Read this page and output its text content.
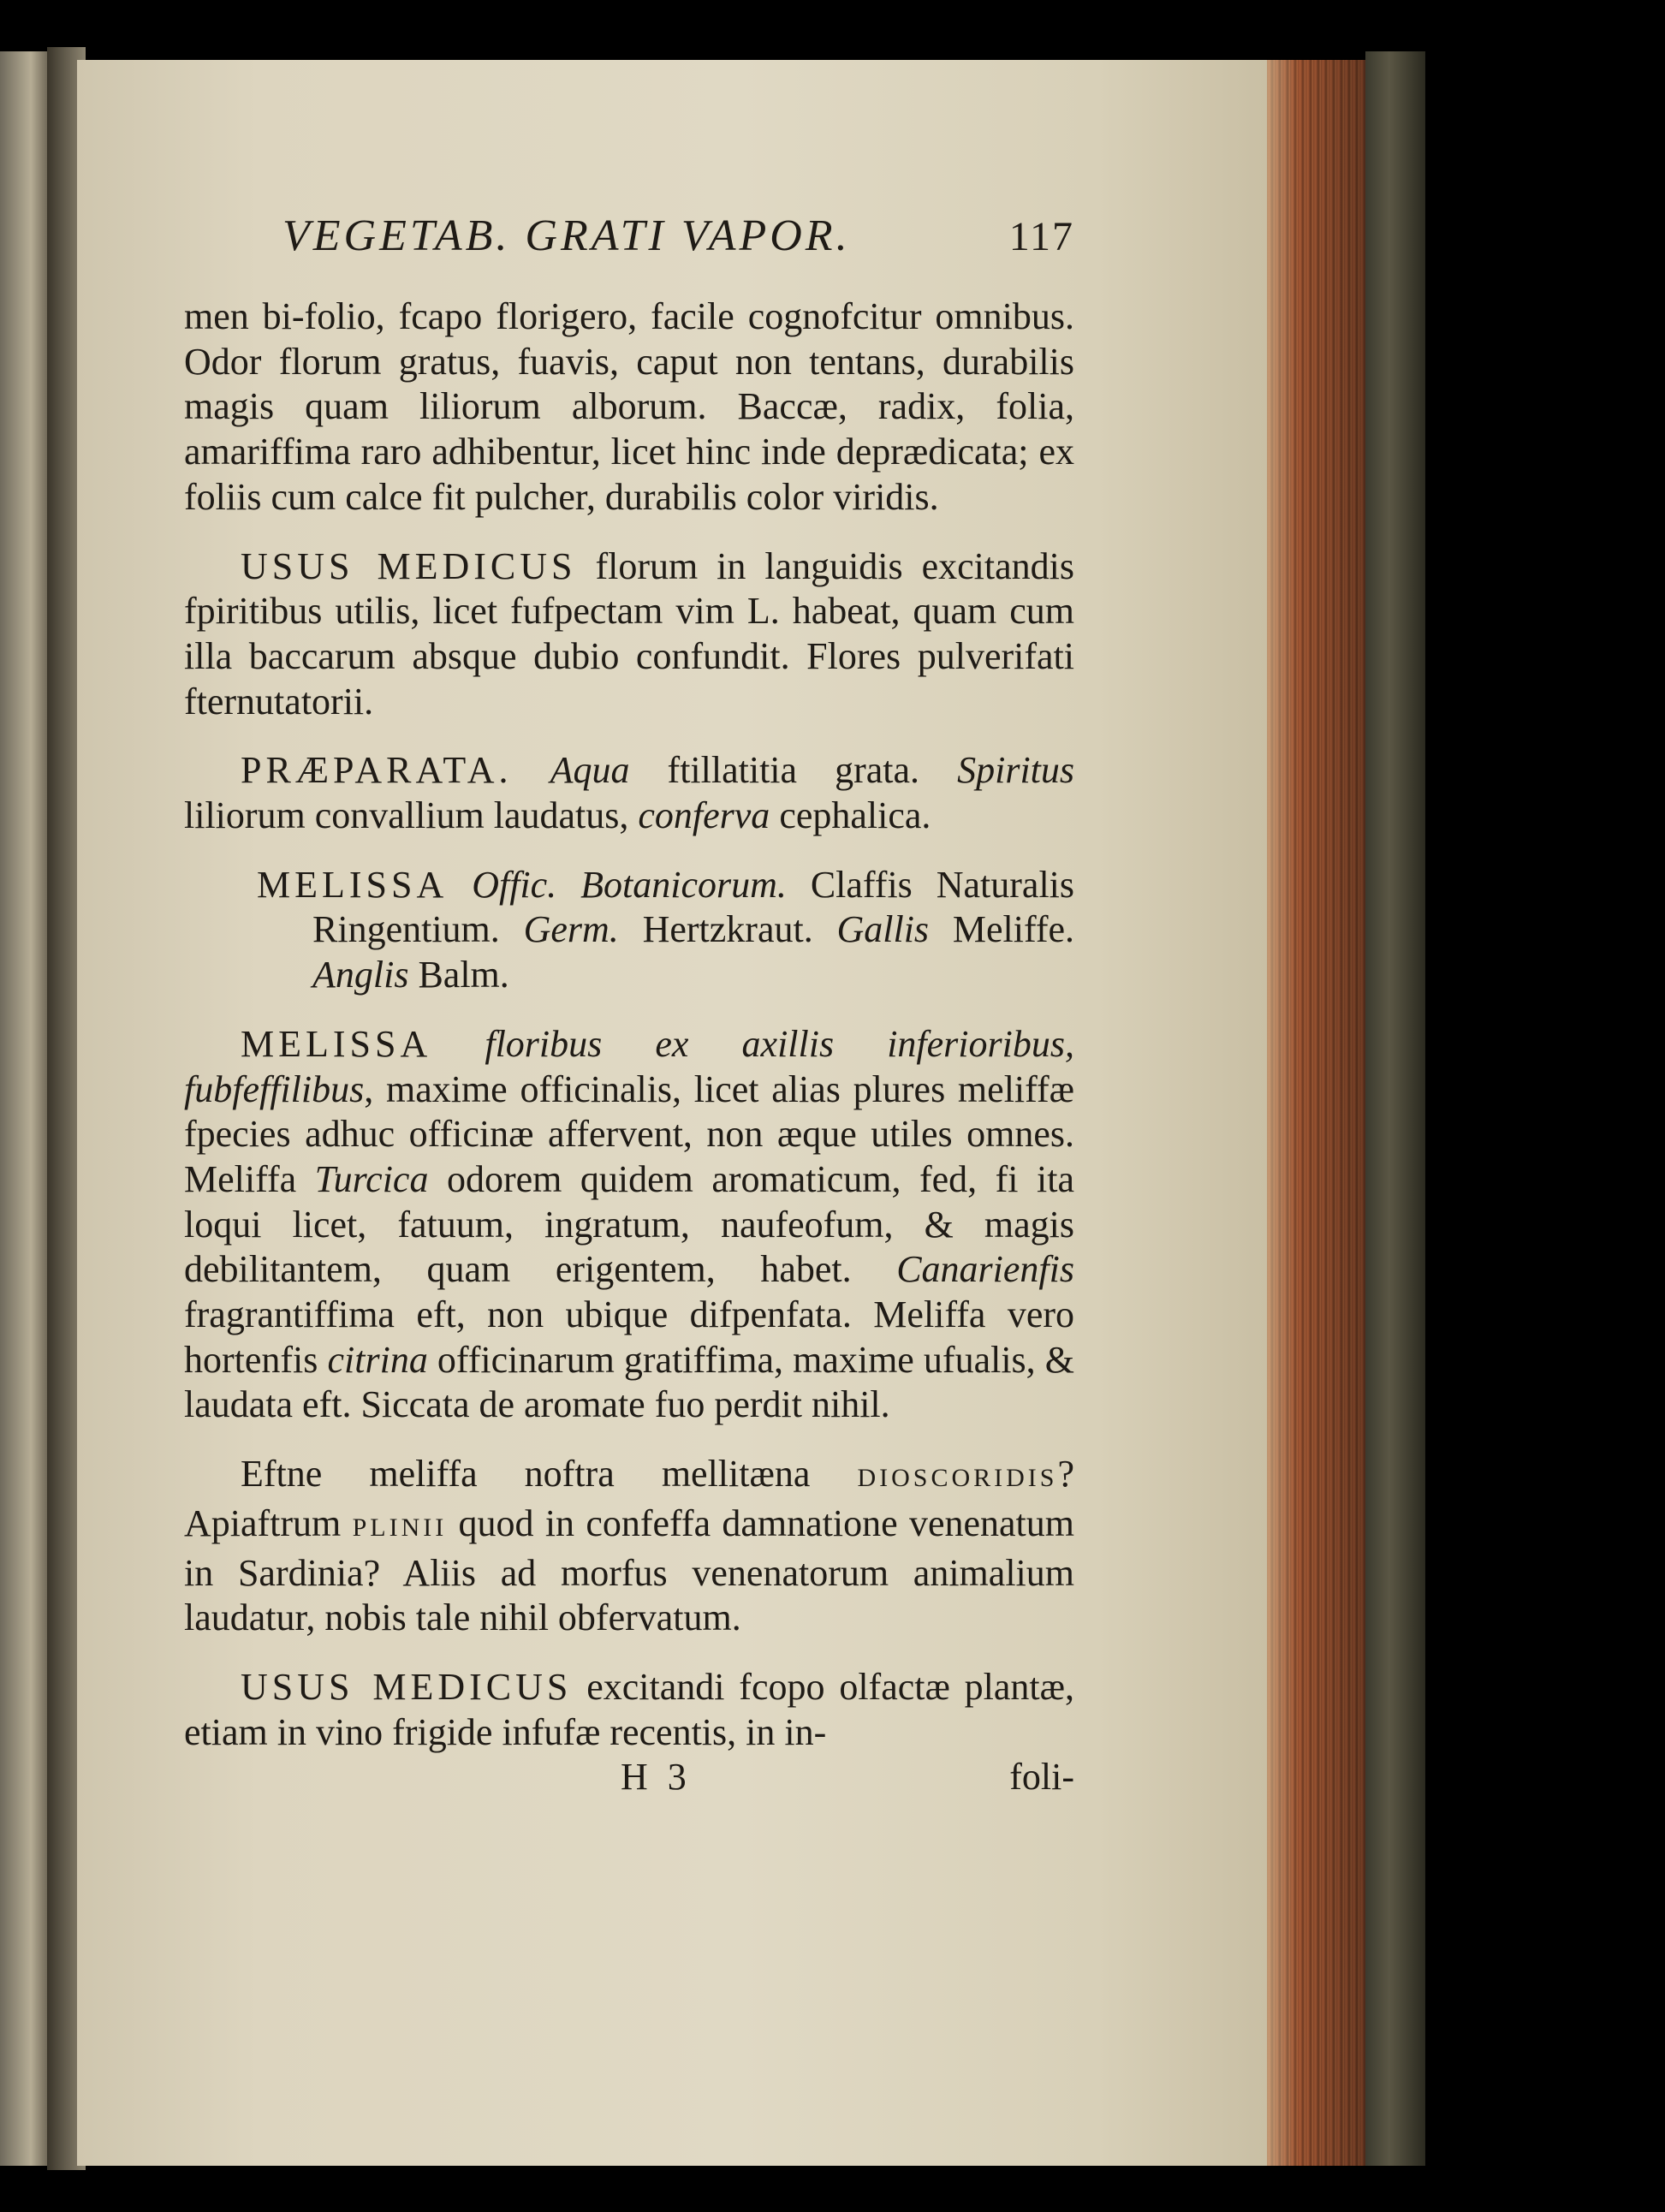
VEGETAB. GRATI VAPOR.	117

men bi-folio, fcapo florigero, facile cognofcitur omnibus. Odor florum gratus, fuavis, caput non tentans, durabilis magis quam liliorum alborum. Baccæ, radix, folia, amariffima raro adhibentur, licet hinc inde deprædicata; ex foliis cum calce fit pulcher, durabilis color viridis.

USUS MEDICUS florum in languidis excitandis fpiritibus utilis, licet fufpectam vim L. habeat, quam cum illa baccarum absque dubio confundit. Flores pulverifati fternutatorii.

PRÆPARATA. Aqua ftillatitia grata. Spiritus liliorum convallium laudatus, conferva cephalica.

MELISSA Offic. Botanicorum. Claffis Naturalis Ringentium. Germ. Hertzkraut. Gallis Meliffe. Anglis Balm.

MELISSA floribus ex axillis inferioribus, fubfeffilibus, maxime officinalis, licet alias plures meliffæ fpecies adhuc officinæ affervent, non æque utiles omnes. Meliffa Turcica odorem quidem aromaticum, fed, fi ita loqui licet, fatuum, ingratum, naufeofum, & magis debilitantem, quam erigentem, habet. Canarienfis fragrantiffima eft, non ubique difpenfata. Meliffa vero hortenfis citrina officinarum gratiffima, maxime ufualis, & laudata eft. Siccata de aromate fuo perdit nihil.

Eftne meliffa noftra mellitæna DIOSCORIDIS? Apiaftrum PLINII quod in confeffa damnatione venenatum in Sardinia? Aliis ad morfus venenatorum animalium laudatur, nobis tale nihil obfervatum.

USUS MEDICUS excitandi fcopo olfactæ plantæ, etiam in vino frigide infufæ recentis, in in-

H 3	foli-
